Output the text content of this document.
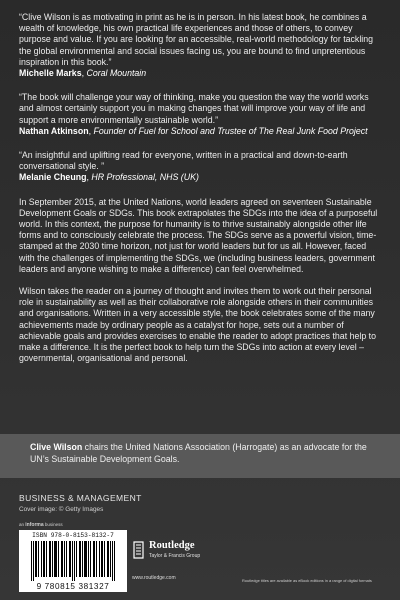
“Clive Wilson is as motivating in print as he is in person. In his latest book, he combines a wealth of knowledge, his own practical life experiences and those of others, to convey purpose and value. If you are looking for an accessible, real-world methodology for tackling the global environmental and social issues facing us, you are bound to find unpretentious inspiration in this book.”
Michelle Marks, Coral Mountain
“The book will challenge your way of thinking, make you question the way the world works and almost certainly support you in making changes that will improve your way of life and support a more environmentally sustainable world.”
Nathan Atkinson, Founder of Fuel for School and Trustee of The Real Junk Food Project
“An insightful and uplifting read for everyone, written in a practical and down-to-earth conversational style. ”
Melanie Cheung, HR Professional, NHS (UK)
In September 2015, at the United Nations, world leaders agreed on seventeen Sustainable Development Goals or SDGs. This book extrapolates the SDGs into the idea of a purposeful world. In this context, the purpose for humanity is to thrive sustainably alongside other life forms and to consciously celebrate the process. The SDGs serve as a powerful vision, time-stamped at the 2030 time horizon, not just for world leaders but for us all. However, faced with the challenges of implementing the SDGs, we (including business leaders, government leaders and anyone wishing to make a difference) can feel overwhelmed.
Wilson takes the reader on a journey of thought and invites them to work out their personal role in sustainability as well as their collaborative role alongside others in their communities and organisations. Written in a very accessible style, the book celebrates some of the many achievements made by ordinary people as a catalyst for hope, sets out a number of achievable goals and provides exercises to enable the reader to adopt practices that help to make a difference. It is the perfect book to help turn the SDGs into action at every level – governmental, organisational and personal.
Clive Wilson chairs the United Nations Association (Harrogate) as an advocate for the UN’s Sustainable Development Goals.
BUSINESS & MANAGEMENT
Cover image: © Getty Images
an informa business
ISBN 978-0-8153-8132-7
9 780815 381327
Routledge
Taylor & Francis Group
www.routledge.com	Routledge titles are available as eBook editions in a range of digital formats
